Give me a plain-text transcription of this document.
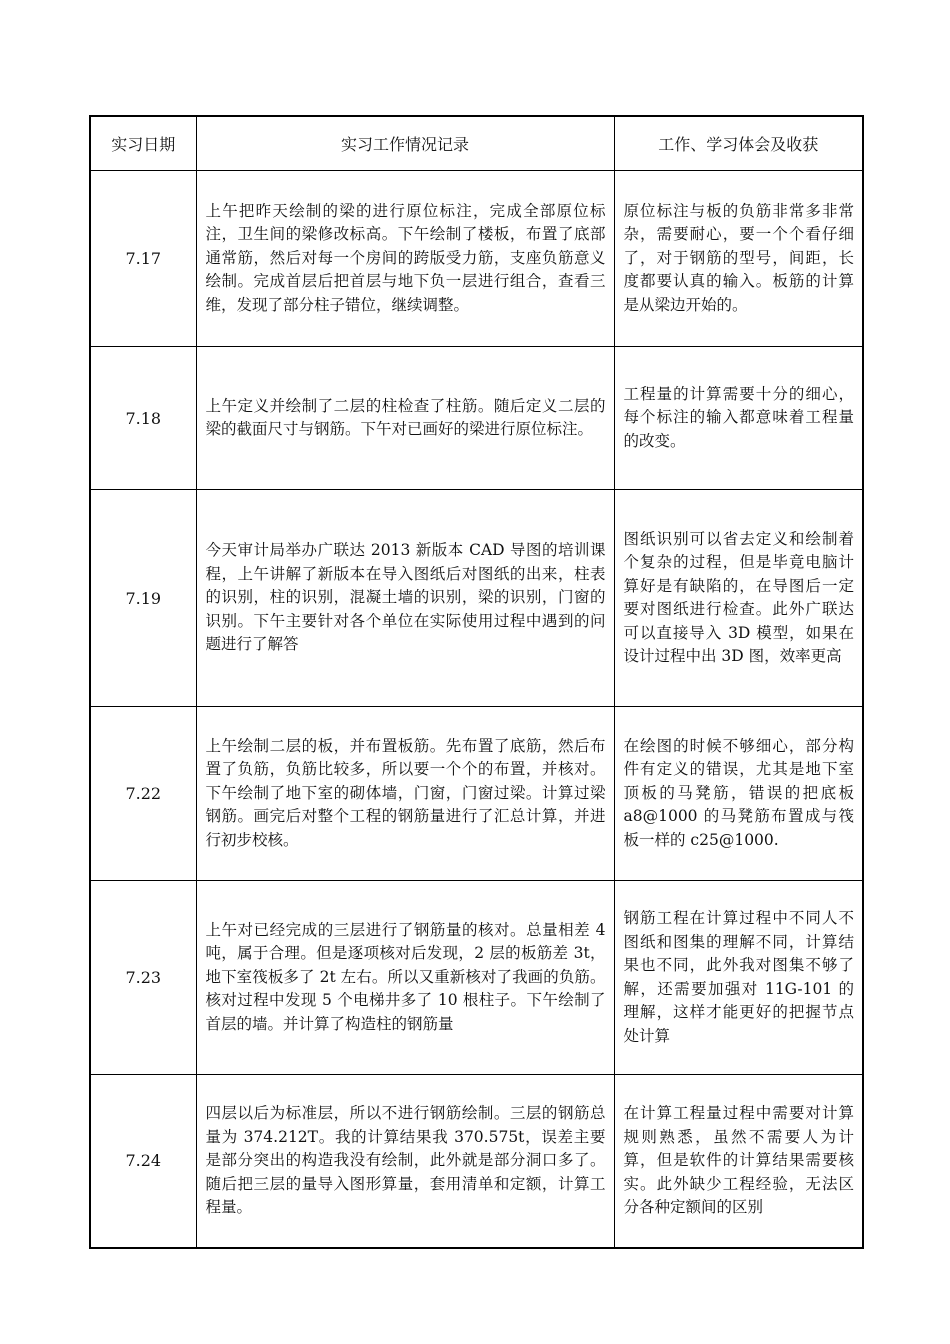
实习日期	实习工作情况记录	工作、学习体会及收获
7.17	上午把昨天绘制的梁的进行原位标注，完成全部原位标注，卫生间的梁修改标高。下午绘制了楼板，布置了底部通常筋，然后对每一个房间的跨版受力筋，支座负筋意义绘制。完成首层后把首层与地下负一层进行组合，查看三维，发现了部分柱子错位，继续调整。	原位标注与板的负筋非常多非常杂，需要耐心，要一个个看仔细了，对于钢筋的型号，间距，长度都要认真的输入。板筋的计算是从梁边开始的。
7.18	上午定义并绘制了二层的柱检查了柱筋。随后定义二层的梁的截面尺寸与钢筋。下午对已画好的梁进行原位标注。	工程量的计算需要十分的细心，每个标注的输入都意味着工程量的改变。
7.19	今天审计局举办广联达 2013 新版本 CAD 导图的培训课程，上午讲解了新版本在导入图纸后对图纸的出来，柱表的识别，柱的识别，混凝土墙的识别，梁的识别，门窗的识别。下午主要针对各个单位在实际使用过程中遇到的问题进行了解答	图纸识别可以省去定义和绘制着个复杂的过程，但是毕竟电脑计算好是有缺陷的，在导图后一定要对图纸进行检查。此外广联达可以直接导入 3D 模型，如果在设计过程中出 3D 图，效率更高
7.22	上午绘制二层的板，并布置板筋。先布置了底筋，然后布置了负筋，负筋比较多，所以要一个个的布置，并核对。下午绘制了地下室的砌体墙，门窗，门窗过梁。计算过梁钢筋。画完后对整个工程的钢筋量进行了汇总计算，并进行初步校核。	在绘图的时候不够细心，部分构件有定义的错误，尤其是地下室顶板的马凳筋，错误的把底板 a8@1000 的马凳筋布置成与筏板一样的 c25@1000.
7.23	上午对已经完成的三层进行了钢筋量的核对。总量相差 4 吨，属于合理。但是逐项核对后发现，2 层的板筋差 3t，地下室筏板多了 2t 左右。所以又重新核对了我画的负筋。核对过程中发现 5 个电梯井多了 10 根柱子。下午绘制了首层的墙。并计算了构造柱的钢筋量	钢筋工程在计算过程中不同人不图纸和图集的理解不同，计算结果也不同，此外我对图集不够了解，还需要加强对 11G-101 的理解，这样才能更好的把握节点处计算
7.24	四层以后为标准层，所以不进行钢筋绘制。三层的钢筋总量为 374.212T。我的计算结果我 370.575t，误差主要是部分突出的构造我没有绘制，此外就是部分洞口多了。随后把三层的量导入图形算量，套用清单和定额，计算工程量。	在计算工程量过程中需要对计算规则熟悉，虽然不需要人为计算，但是软件的计算结果需要核实。此外缺少工程经验，无法区分各种定额间的区别
